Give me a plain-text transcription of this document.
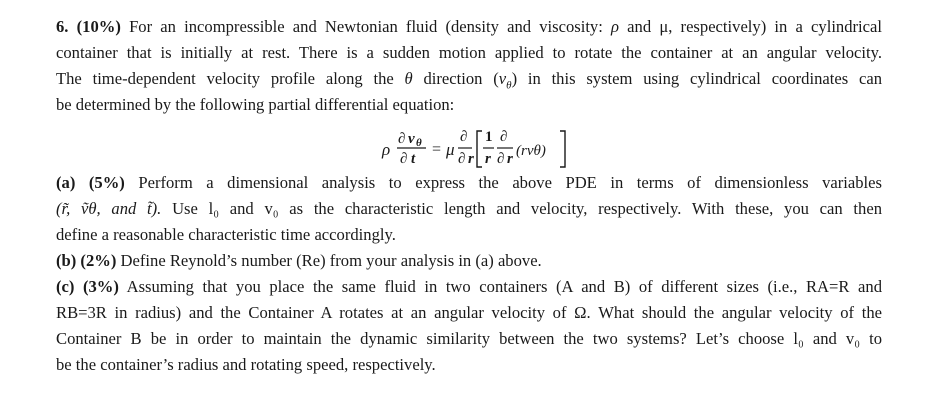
6. (10%) For an incompressible and Newtonian fluid (density and viscosity: ρ and μ, respectively) in a cylindrical
container that is initially at rest. There is a sudden motion applied to rotate the container at an angular velocity.
The time-dependent velocity profile along the θ direction $(v_\theta)$ in this system using cylindrical coordinates can
be determined by the following partial differential equation:
ρ
∂ v θ
∂ t
= μ
∂
∂ r
1
r
∂
∂ r (rvθ)
(a) (5%) Perform a dimensional analysis to express the above PDE in terms of dimensionless variables
(r̃, ṽθ, and t̃). Use l₀ and v₀ as the characteristic length and velocity, respectively. With these, you can then
define a reasonable characteristic time accordingly.
(b) (2%) Define Reynold’s number (Re) from your analysis in (a) above.
(c) (3%) Assuming that you place the same fluid in two containers (A and B) of different sizes (i.e., RA=R and
RB=3R in radius) and the Container A rotates at an angular velocity of Ω. What should the angular velocity of the
Container B be in order to maintain the dynamic similarity between the two systems? Let’s choose l₀ and v₀ to
be the container’s radius and rotating speed, respectively.
